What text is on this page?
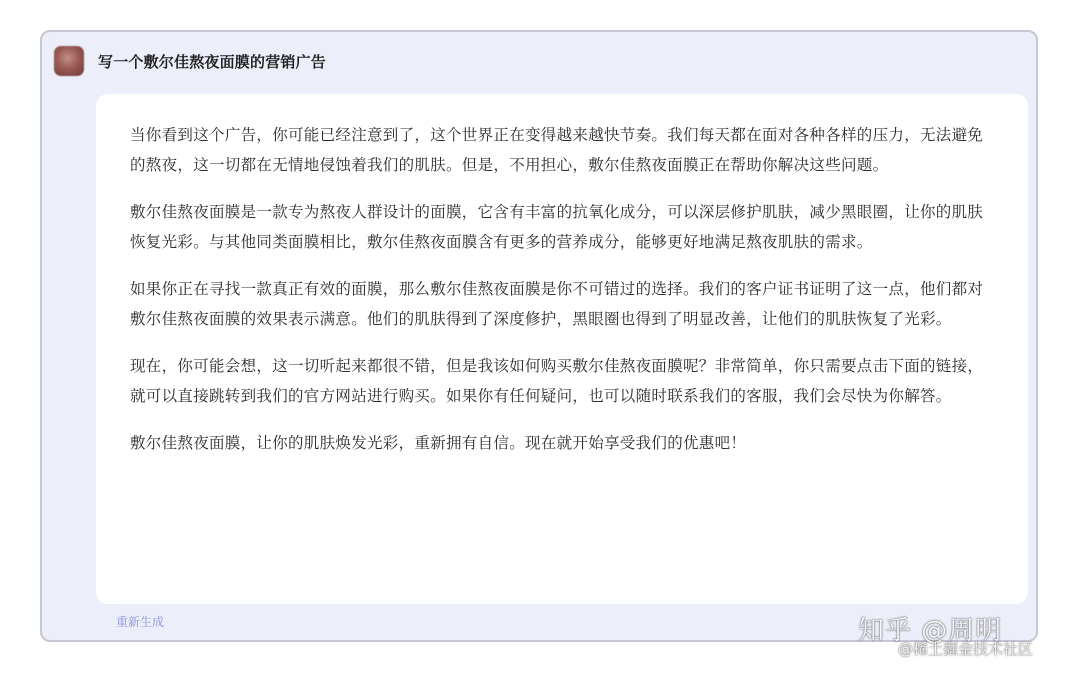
写一个敷尔佳熬夜面膜的营销广告

当你看到这个广告，你可能已经注意到了，这个世界正在变得越来越快节奏。我们每天都在面对各种各样的压力，无法避免的熬夜，这一切都在无情地侵蚀着我们的肌肤。但是，不用担心，敷尔佳熬夜面膜正在帮助你解决这些问题。

敷尔佳熬夜面膜是一款专为熬夜人群设计的面膜，它含有丰富的抗氧化成分，可以深层修护肌肤，减少黑眼圈，让你的肌肤恢复光彩。与其他同类面膜相比，敷尔佳熬夜面膜含有更多的营养成分，能够更好地满足熬夜肌肤的需求。

如果你正在寻找一款真正有效的面膜，那么敷尔佳熬夜面膜是你不可错过的选择。我们的客户证书证明了这一点，他们都对敷尔佳熬夜面膜的效果表示满意。他们的肌肤得到了深度修护，黑眼圈也得到了明显改善，让他们的肌肤恢复了光彩。

现在，你可能会想，这一切听起来都很不错，但是我该如何购买敷尔佳熬夜面膜呢？非常简单，你只需要点击下面的链接，就可以直接跳转到我们的官方网站进行购买。如果你有任何疑问，也可以随时联系我们的客服，我们会尽快为你解答。

敷尔佳熬夜面膜，让你的肌肤焕发光彩，重新拥有自信。现在就开始享受我们的优惠吧！

重新生成	知乎 @周明
@稀土掘金技术社区
